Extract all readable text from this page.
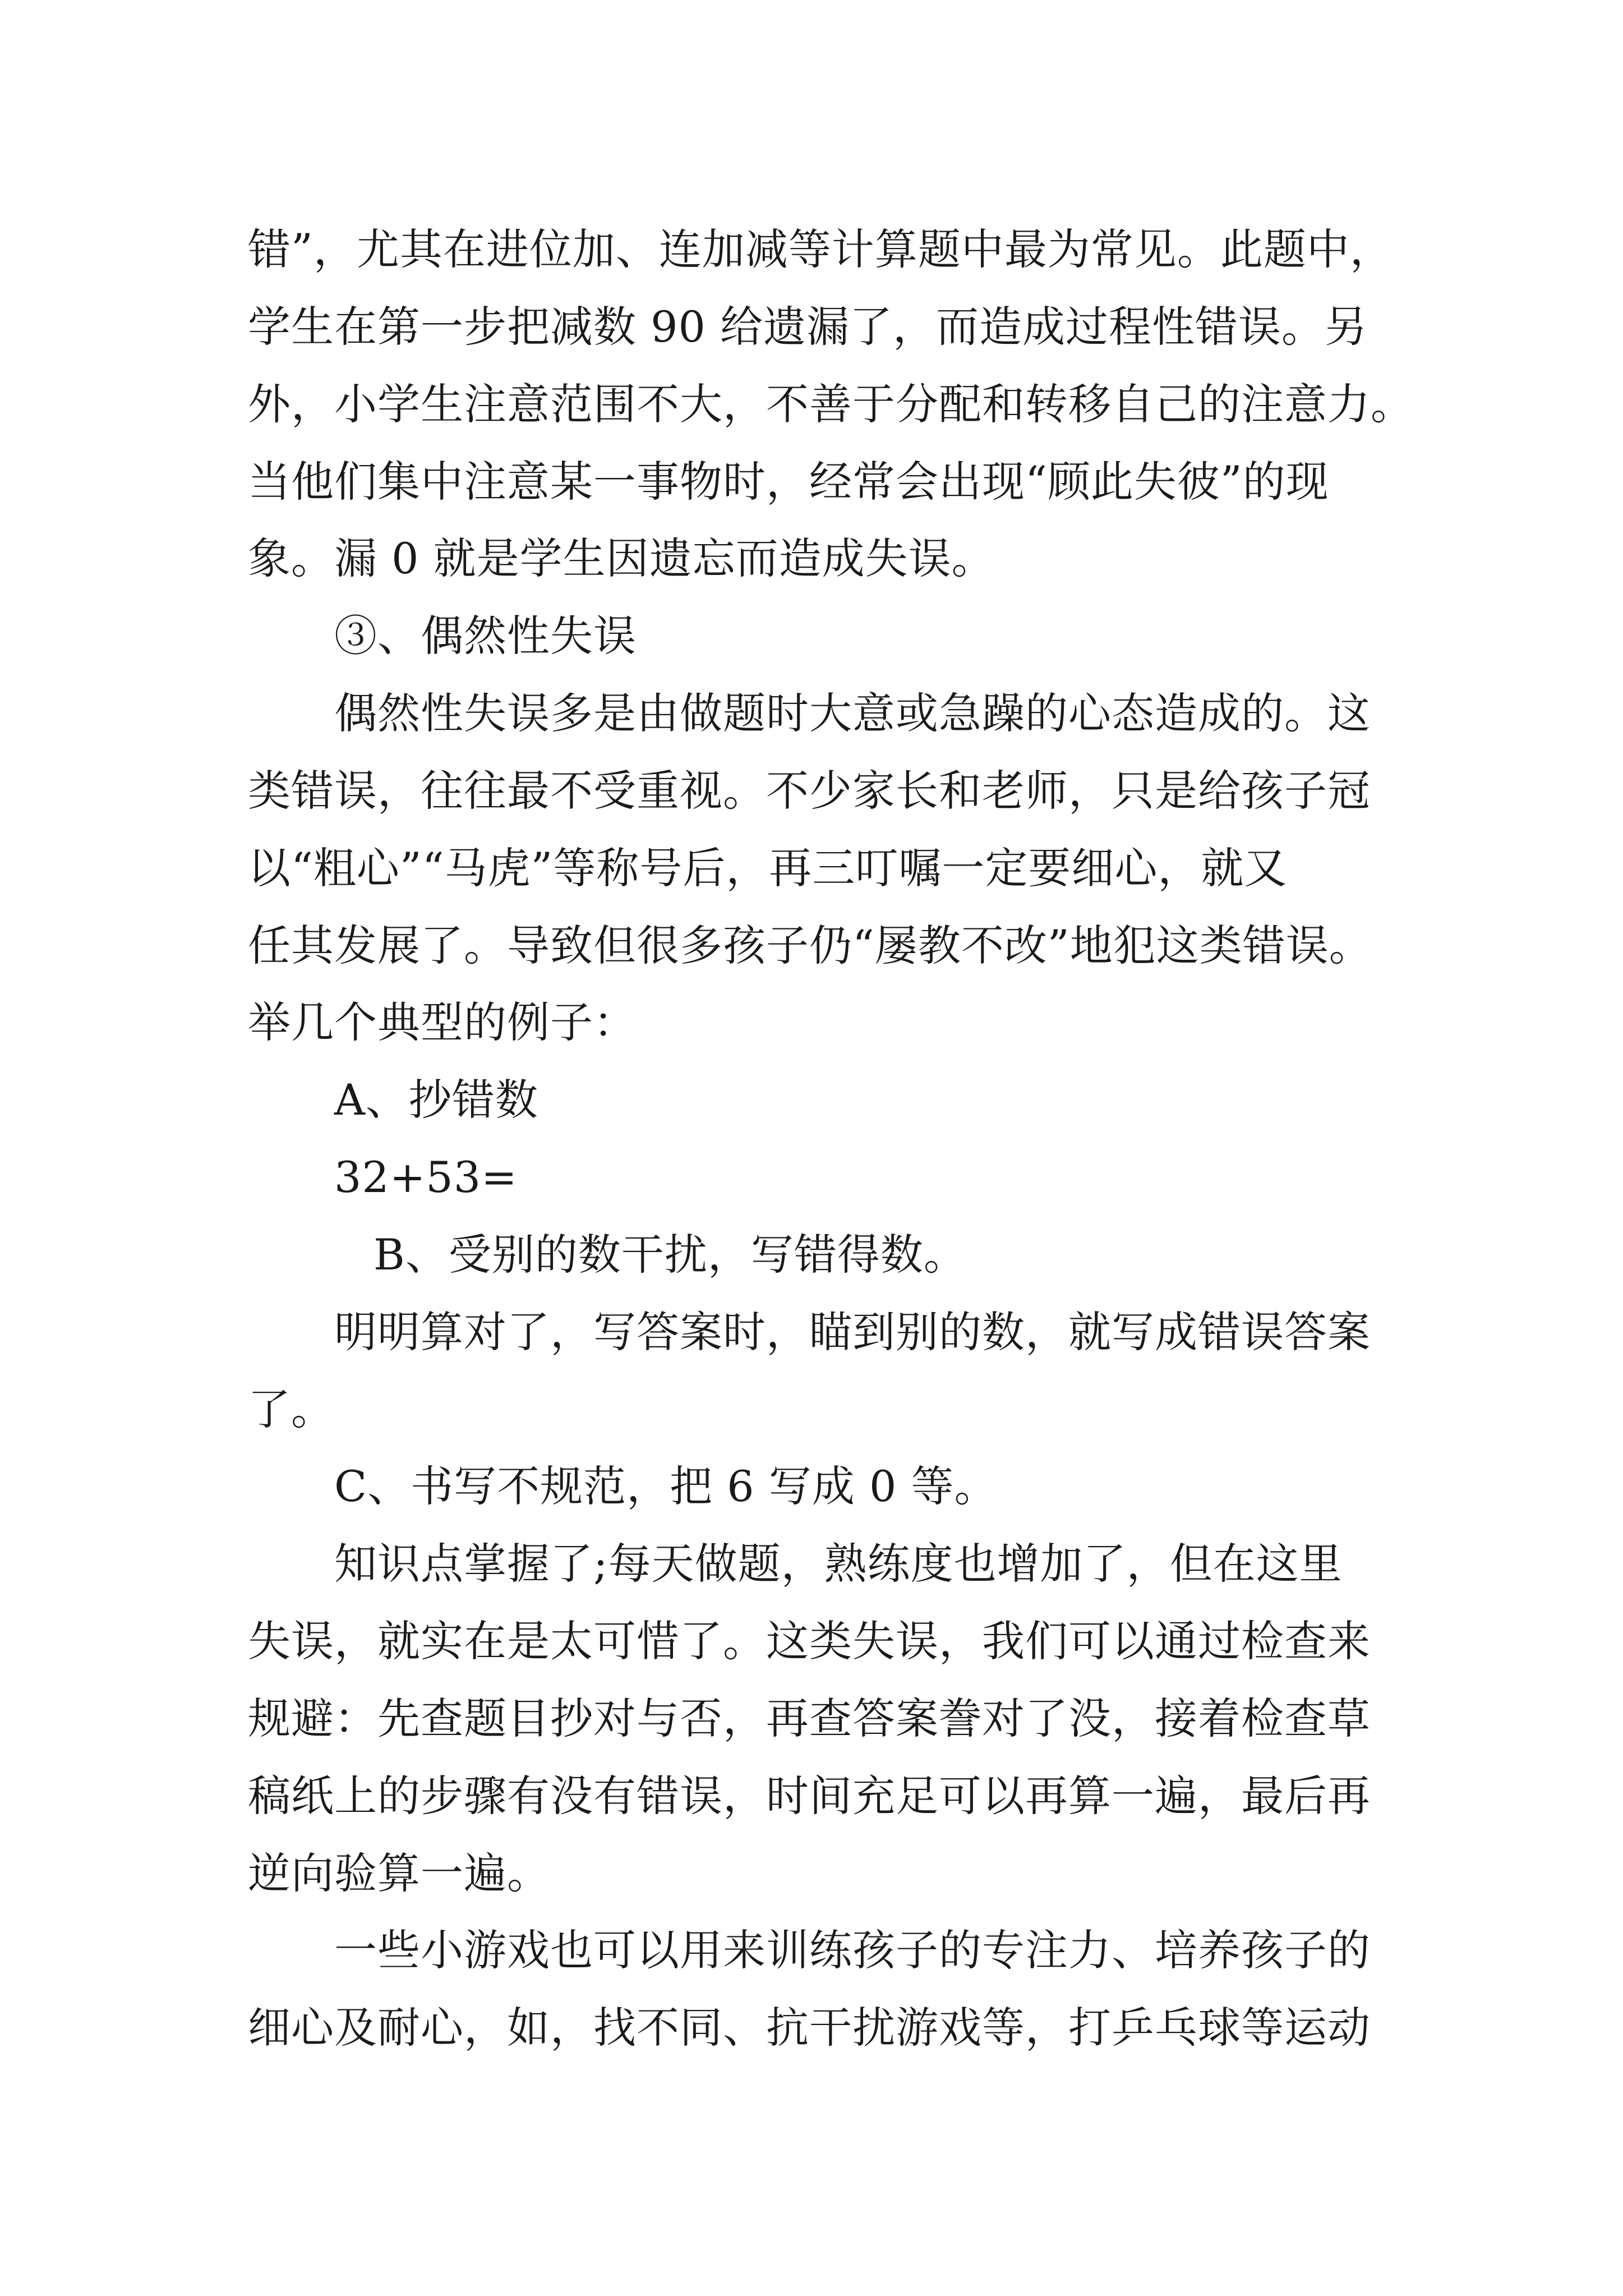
错”，尤其在进位加、连加减等计算题中最为常见。此题中，
学生在第一步把减数 90 给遗漏了，而造成过程性错误。另
外，小学生注意范围不大，不善于分配和转移自己的注意力。
当他们集中注意某一事物时，经常会出现“顾此失彼”的现
象。漏 0 就是学生因遗忘而造成失误。
③、偶然性失误
偶然性失误多是由做题时大意或急躁的心态造成的。这
类错误，往往最不受重视。不少家长和老师，只是给孩子冠
以“粗心”“马虎”等称号后，再三叮嘱一定要细心，就又
任其发展了。导致但很多孩子仍“屡教不改”地犯这类错误。
举几个典型的例子：
A、抄错数
32+53=
B、受别的数干扰，写错得数。
明明算对了，写答案时，瞄到别的数，就写成错误答案
了。
C、书写不规范，把 6 写成 0 等。
知识点掌握了;每天做题，熟练度也增加了，但在这里
失误，就实在是太可惜了。这类失误，我们可以通过检查来
规避：先查题目抄对与否，再查答案誊对了没，接着检查草
稿纸上的步骤有没有错误，时间充足可以再算一遍，最后再
逆向验算一遍。
一些小游戏也可以用来训练孩子的专注力、培养孩子的
细心及耐心，如，找不同、抗干扰游戏等，打乒乓球等运动
